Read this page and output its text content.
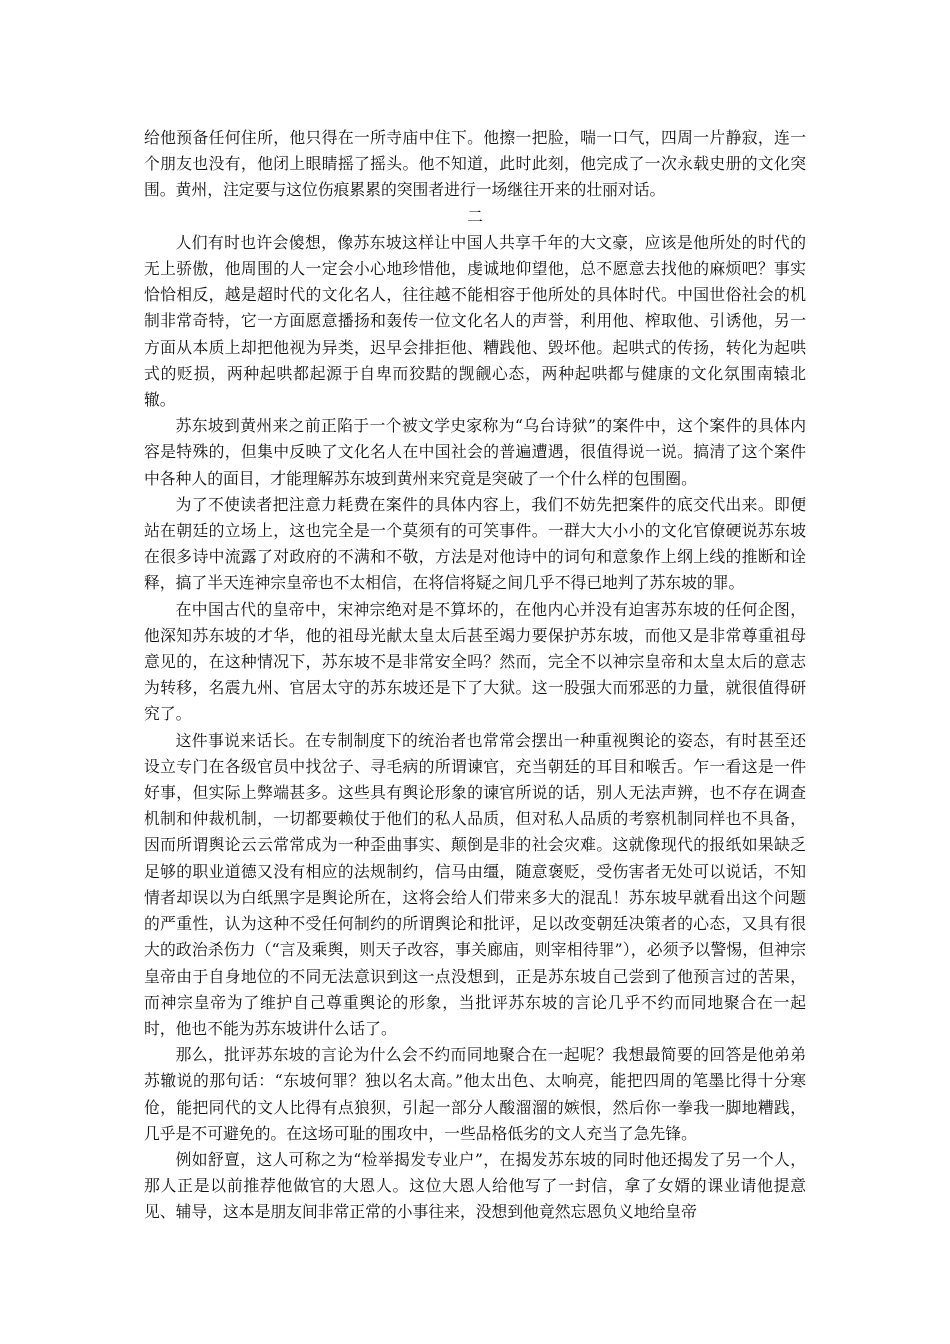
给他预备任何住所，他只得在一所寺庙中住下。他擦一把脸，喘一口气，四周一片静寂，连一个朋友也没有，他闭上眼睛摇了摇头。他不知道，此时此刻，他完成了一次永载史册的文化突围。黄州，注定要与这位伤痕累累的突围者进行一场继往开来的壮丽对话。

二

人们有时也许会傻想，像苏东坡这样让中国人共享千年的大文豪，应该是他所处的时代的无上骄傲，他周围的人一定会小心地珍惜他，虔诚地仰望他，总不愿意去找他的麻烦吧？事实恰恰相反，越是超时代的文化名人，往往越不能相容于他所处的具体时代。中国世俗社会的机制非常奇特，它一方面愿意播扬和轰传一位文化名人的声誉，利用他、榨取他、引诱他，另一方面从本质上却把他视为异类，迟早会排拒他、糟践他、毁坏他。起哄式的传扬，转化为起哄式的贬损，两种起哄都起源于自卑而狡黠的觊觎心态，两种起哄都与健康的文化氛围南辕北辙。

苏东坡到黄州来之前正陷于一个被文学史家称为“乌台诗狱”的案件中，这个案件的具体内容是特殊的，但集中反映了文化名人在中国社会的普遍遭遇，很值得说一说。搞清了这个案件中各种人的面目，才能理解苏东坡到黄州来究竟是突破了一个什么样的包围圈。

为了不使读者把注意力耗费在案件的具体内容上，我们不妨先把案件的底交代出来。即便站在朝廷的立场上，这也完全是一个莫须有的可笑事件。一群大大小小的文化官僚硬说苏东坡在很多诗中流露了对政府的不满和不敬，方法是对他诗中的词句和意象作上纲上线的推断和诠释，搞了半天连神宗皇帝也不太相信，在将信将疑之间几乎不得已地判了苏东坡的罪。

在中国古代的皇帝中，宋神宗绝对是不算坏的，在他内心并没有迫害苏东坡的任何企图，他深知苏东坡的才华，他的祖母光献太皇太后甚至竭力要保护苏东坡，而他又是非常尊重祖母意见的，在这种情况下，苏东坡不是非常安全吗？然而，完全不以神宗皇帝和太皇太后的意志为转移，名震九州、官居太守的苏东坡还是下了大狱。这一股强大而邪恶的力量，就很值得研究了。

这件事说来话长。在专制制度下的统治者也常常会摆出一种重视舆论的姿态，有时甚至还设立专门在各级官员中找岔子、寻毛病的所谓谏官，充当朝廷的耳目和喉舌。乍一看这是一件好事，但实际上弊端甚多。这些具有舆论形象的谏官所说的话，别人无法声辨，也不存在调查机制和仲裁机制，一切都要赖仗于他们的私人品质，但对私人品质的考察机制同样也不具备，因而所谓舆论云云常常成为一种歪曲事实、颠倒是非的社会灾难。这就像现代的报纸如果缺乏足够的职业道德又没有相应的法规制约，信马由缰，随意褒贬，受伤害者无处可以说话，不知情者却误以为白纸黑字是舆论所在，这将会给人们带来多大的混乱！苏东坡早就看出这个问题的严重性，认为这种不受任何制约的所谓舆论和批评，足以改变朝廷决策者的心态，又具有很大的政治杀伤力（“言及乘舆，则天子改容，事关廊庙，则宰相待罪”），必须予以警惕，但神宗皇帝由于自身地位的不同无法意识到这一点没想到，正是苏东坡自己尝到了他预言过的苦果，而神宗皇帝为了维护自己尊重舆论的形象，当批评苏东坡的言论几乎不约而同地聚合在一起时，他也不能为苏东坡讲什么话了。

那么，批评苏东坡的言论为什么会不约而同地聚合在一起呢？我想最简要的回答是他弟弟苏辙说的那句话：“东坡何罪？独以名太高。”他太出色、太响亮，能把四周的笔墨比得十分寒伧，能把同代的文人比得有点狼狈，引起一部分人酸溜溜的嫉恨，然后你一拳我一脚地糟践，几乎是不可避免的。在这场可耻的围攻中，一些品格低劣的文人充当了急先锋。

例如舒亶，这人可称之为“检举揭发专业户”，在揭发苏东坡的同时他还揭发了另一个人，那人正是以前推荐他做官的大恩人。这位大恩人给他写了一封信，拿了女婿的课业请他提意见、辅导，这本是朋友间非常正常的小事往来，没想到他竟然忘恩负义地给皇帝
